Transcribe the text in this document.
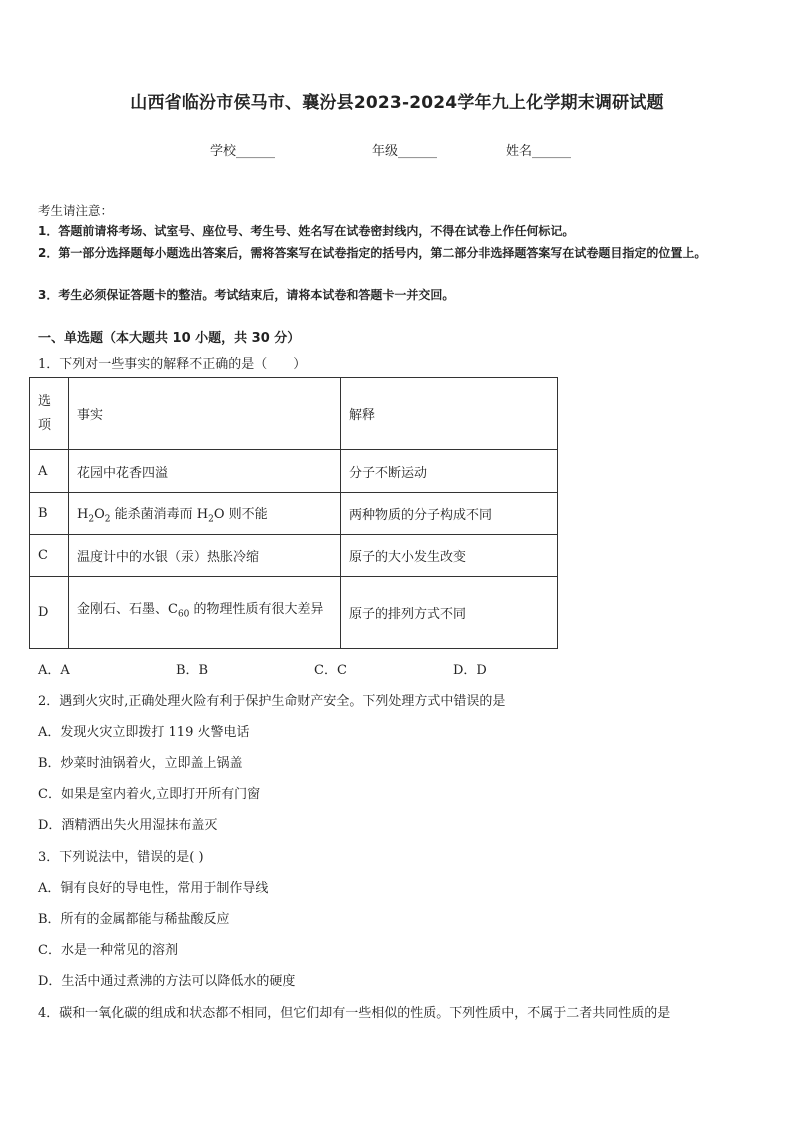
山西省临汾市侯马市、襄汾县2023-2024学年九上化学期末调研试题
学校______	年级______	姓名______
考生请注意：
1．答题前请将考场、试室号、座位号、考生号、姓名写在试卷密封线内，不得在试卷上作任何标记。
2．第一部分选择题每小题选出答案后，需将答案写在试卷指定的括号内，第二部分非选择题答案写在试卷题目指定的位置上。
3．考生必须保证答题卡的整洁。考试结束后，请将本试卷和答题卡一并交回。
一、单选题（本大题共 10 小题，共 30 分）
1．下列对一些事实的解释不正确的是（　　）
选项	事实	解释
A	花园中花香四溢	分子不断运动
B	$H_2O_2$ 能杀菌消毒而 $H_2O$ 则不能	两种物质的分子构成不同
C	温度计中的水银（汞）热胀冷缩	原子的大小发生改变
D	金刚石、石墨、$C_{60}$ 的物理性质有很大差异	原子的排列方式不同
A．A	B．B	C．C	D．D
2．遇到火灾时,正确处理火险有利于保护生命财产安全。下列处理方式中错误的是
A．发现火灾立即拨打 119 火警电话
B．炒菜时油锅着火，立即盖上锅盖
C．如果是室内着火,立即打开所有门窗
D．酒精洒出失火用湿抹布盖灭
3．下列说法中，错误的是( )
A．铜有良好的导电性，常用于制作导线
B．所有的金属都能与稀盐酸反应
C．水是一种常见的溶剂
D．生活中通过煮沸的方法可以降低水的硬度
4．碳和一氧化碳的组成和状态都不相同，但它们却有一些相似的性质。下列性质中，不属于二者共同性质的是
